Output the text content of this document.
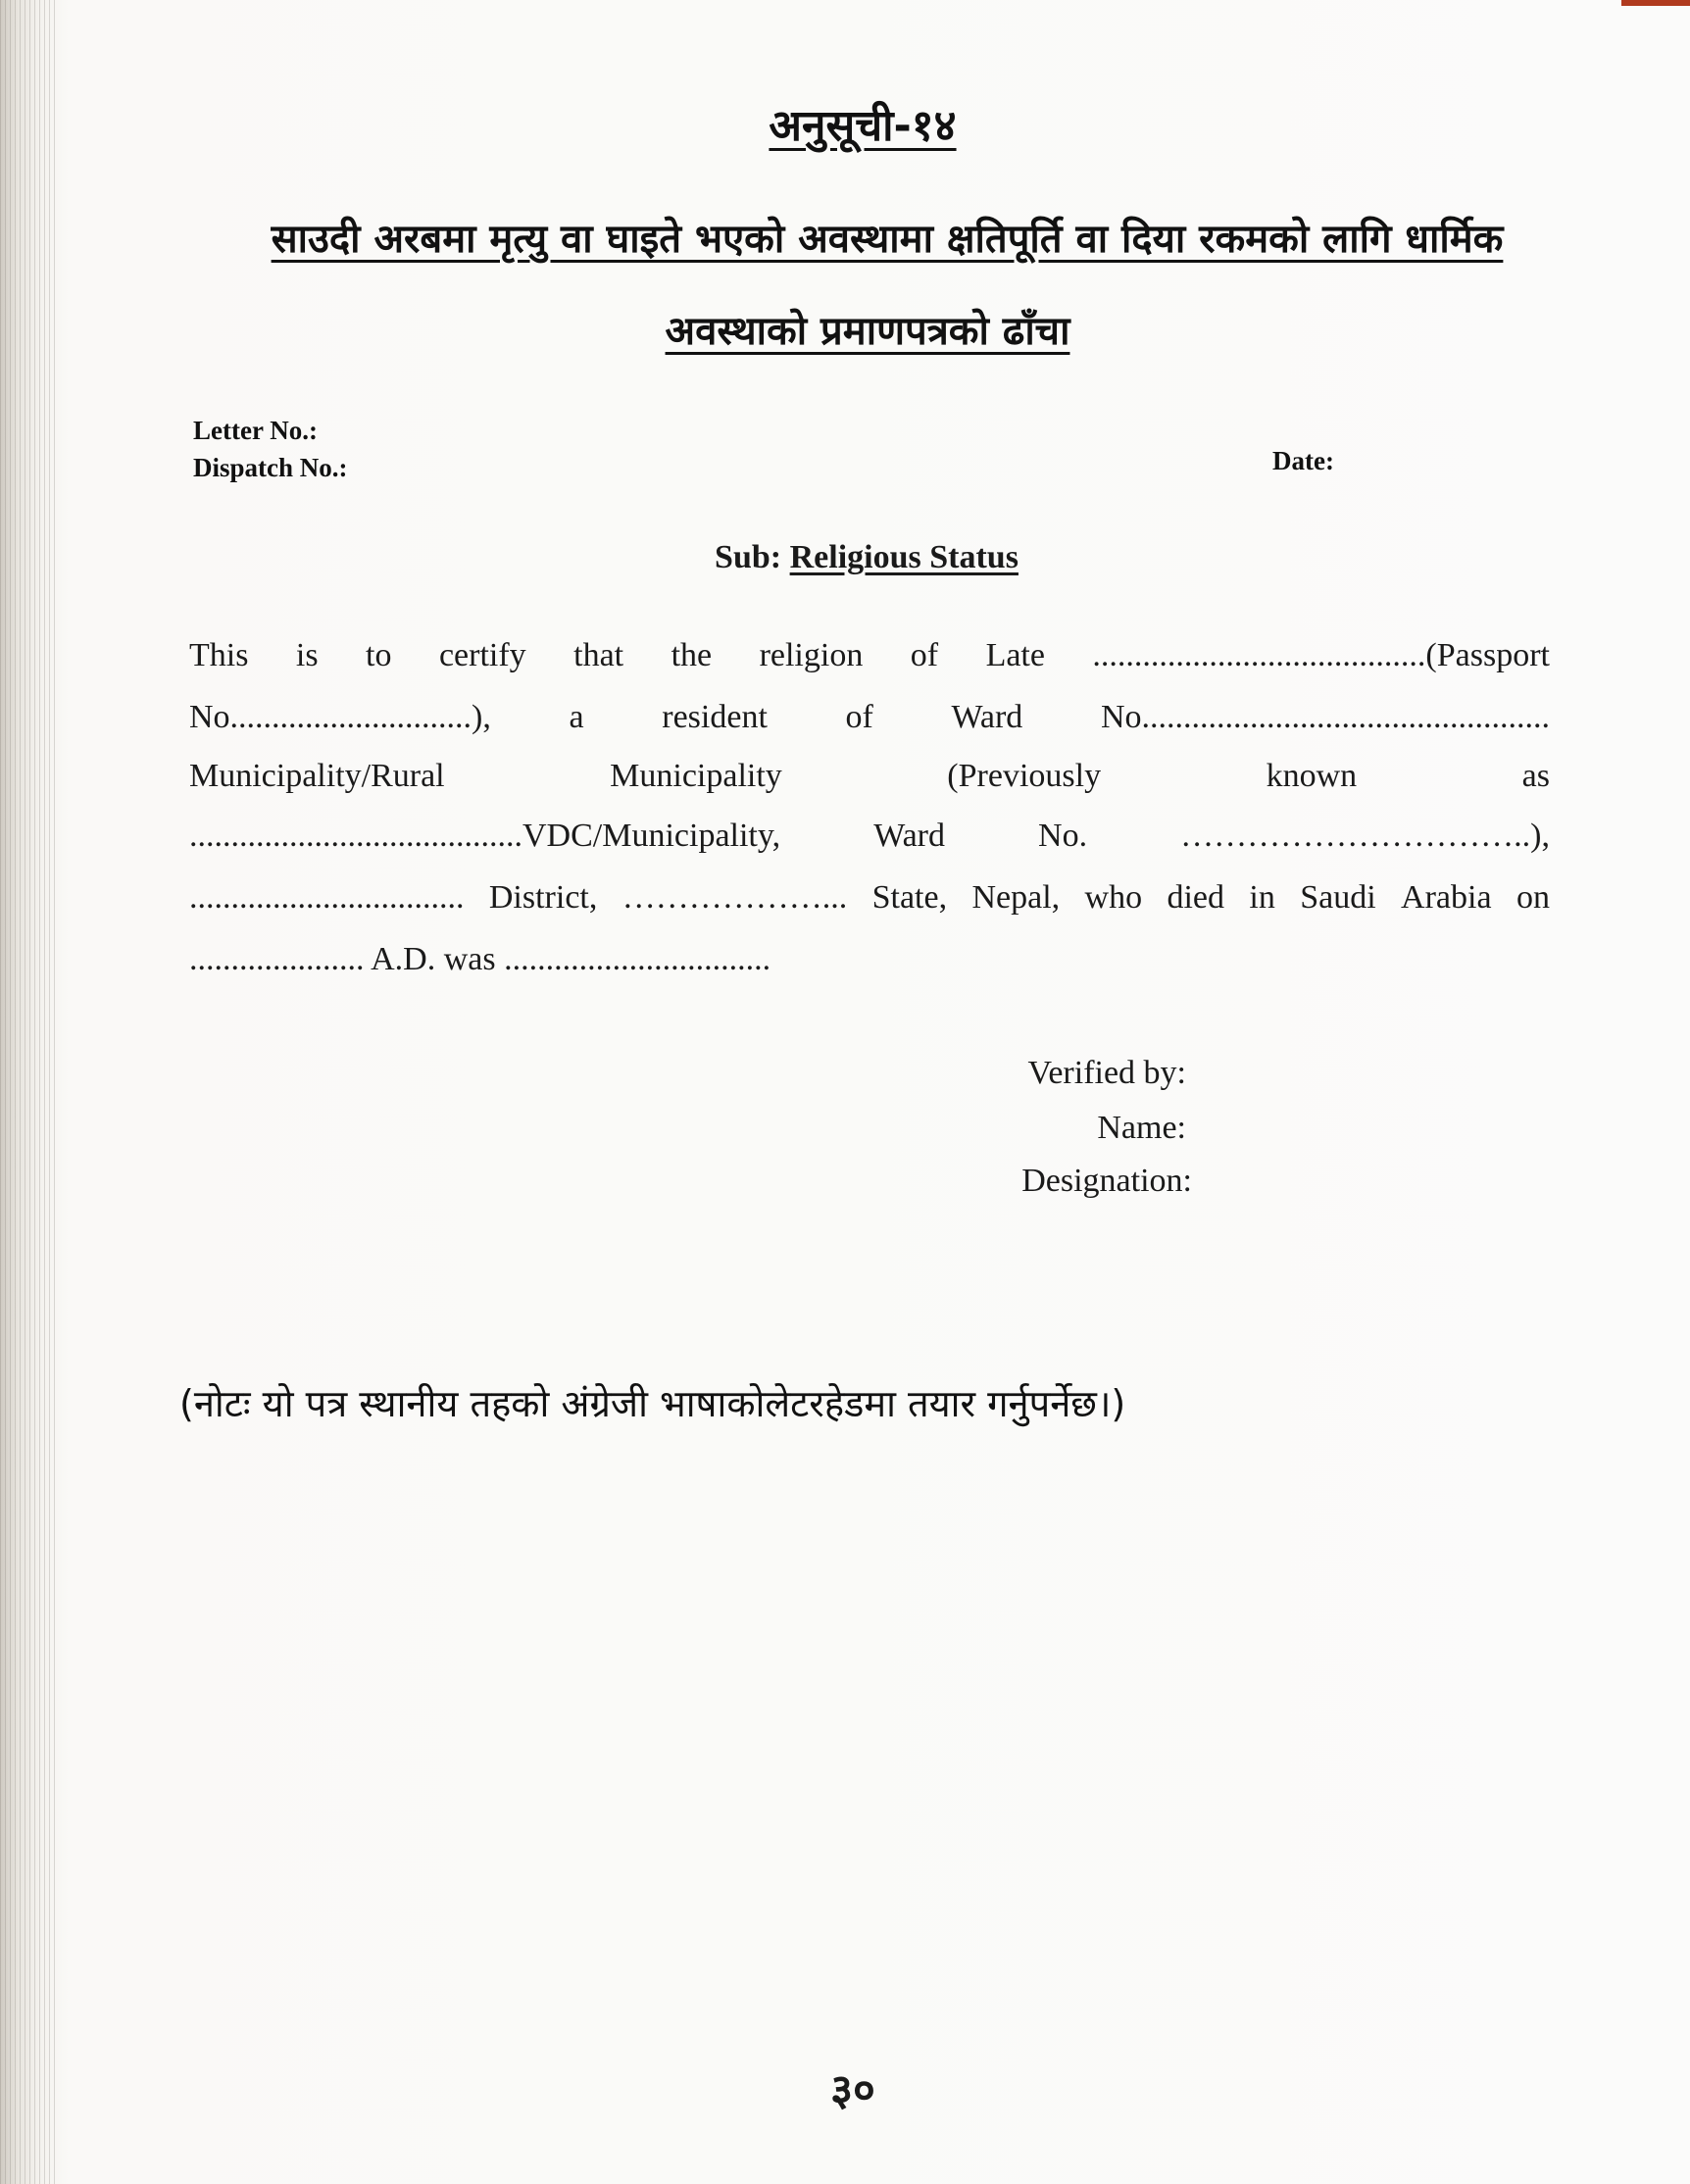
अनुसूची-१४
साउदी अरबमा मृत्यु वा घाइते भएको अवस्थामा क्षतिपूर्ति वा दिया रकमको लागि धार्मिक
अवस्थाको प्रमाणपत्रको ढाँचा
Letter No.:
Dispatch No.:	Date:
Sub: Religious Status
This is to certify that the religion of Late ........................................(Passport
No.............................), a resident of Ward No.................................................
Municipality/Rural	Municipality	(Previously	known	as
........................................VDC/Municipality,	Ward	No.	…………………………..),
................................. District, ………………... State, Nepal, who died in Saudi Arabia on
..................... A.D. was ................................
Verified by:
Name:
Designation:
(नोटः यो पत्र स्थानीय तहको अंग्रेजी भाषाकोलेटरहेडमा तयार गर्नुपर्नेछ।)
३०
